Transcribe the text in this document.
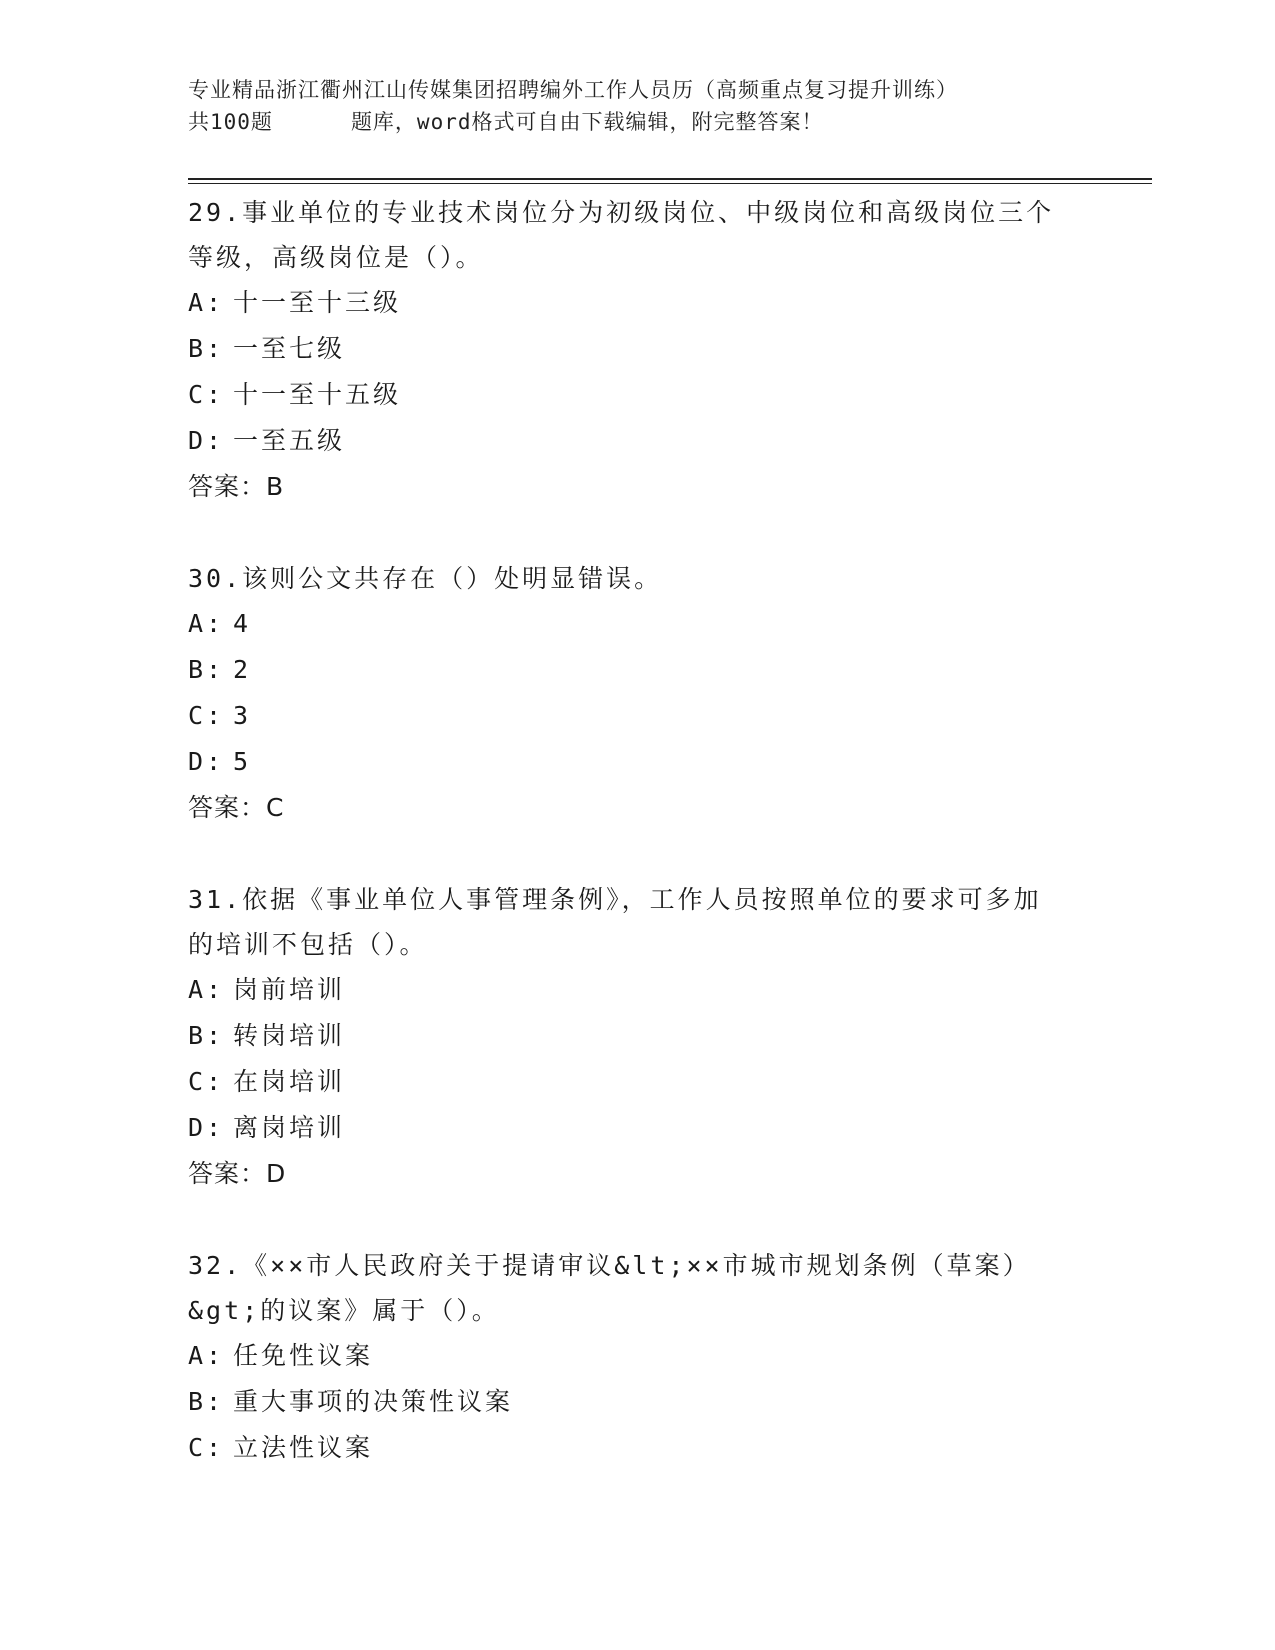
专业精品浙江衢州江山传媒集团招聘编外工作人员历（高频重点复习提升训练）
共100题	题库，word格式可自由下载编辑，附完整答案！

29.事业单位的专业技术岗位分为初级岗位、中级岗位和高级岗位三个

等级，高级岗位是（）。

A: 十一至十三级
B: 一至七级
C: 十一至十五级
D: 一至五级

答案：B

30.该则公文共存在（）处明显错误。

A: 4
B: 2
C: 3
D: 5

答案：C

31.依据《事业单位人事管理条例》，工作人员按照单位的要求可多加

的培训不包括（）。

A: 岗前培训
B: 转岗培训
C: 在岗培训
D: 离岗培训

答案：D

32.《××市人民政府关于提请审议&lt;××市城市规划条例（草案）

&gt;的议案》属于（）。

A: 任免性议案
B: 重大事项的决策性议案
C: 立法性议案
